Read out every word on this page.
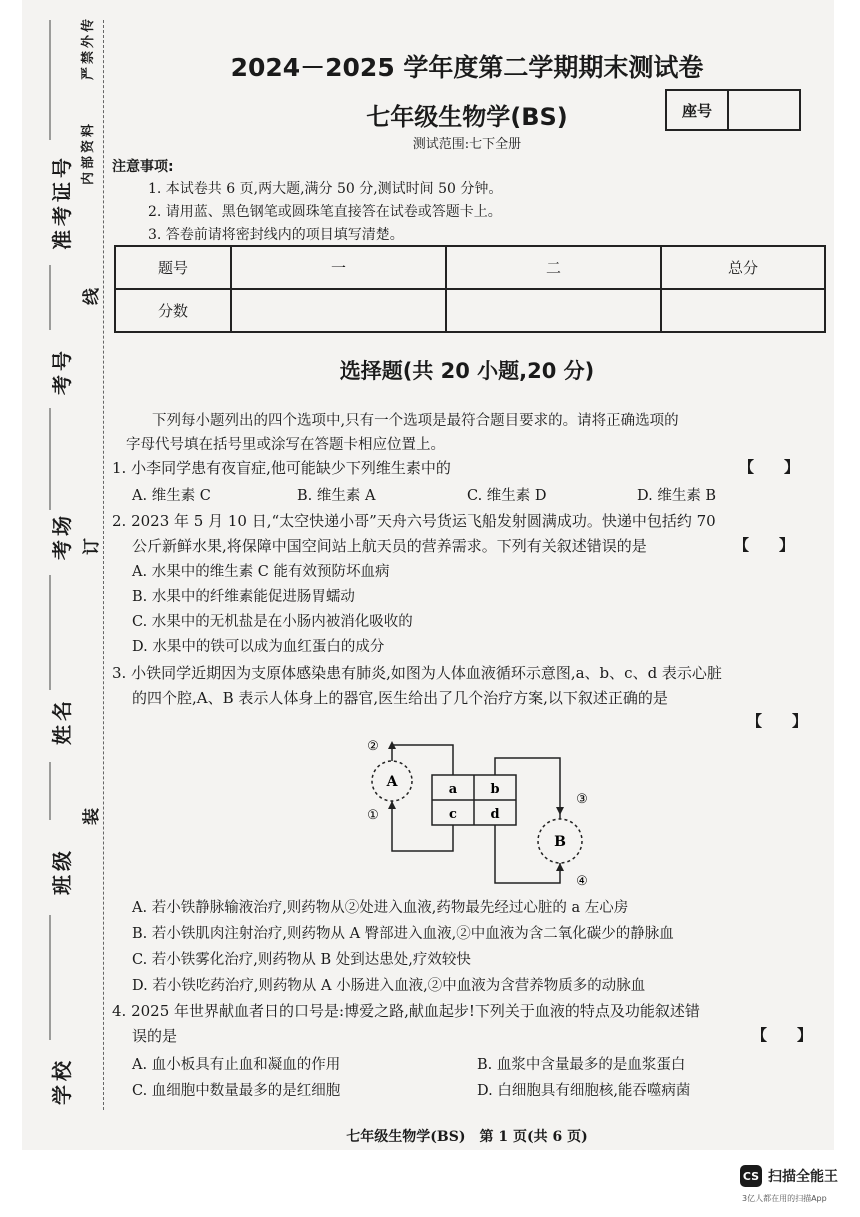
严禁外传
内部资料
准考证号
线
考号
考场 订
姓名
装
班级
学校
2024－2025 学年度第二学期期末测试卷
七年级生物学(BS)	座号
测试范围:七下全册
注意事项:
1. 本试卷共 6 页,两大题,满分 50 分,测试时间 50 分钟。
2. 请用蓝、黑色钢笔或圆珠笔直接答在试卷或答题卡上。
3. 答卷前请将密封线内的项目填写清楚。
题号	一	二	总分
分数			
选择题(共 20 小题,20 分)
下列每小题列出的四个选项中,只有一个选项是最符合题目要求的。请将正确选项的
字母代号填在括号里或涂写在答题卡相应位置上。
1. 小李同学患有夜盲症,他可能缺少下列维生素中的	【　　】
A. 维生素 C	B. 维生素 A	C. 维生素 D	D. 维生素 B
2. 2023 年 5 月 10 日,“太空快递小哥”天舟六号货运飞船发射圆满成功。快递中包括约 70
公斤新鲜水果,将保障中国空间站上航天员的营养需求。下列有关叙述错误的是	【　　】
A. 水果中的维生素 C 能有效预防坏血病
B. 水果中的纤维素能促进肠胃蠕动
C. 水果中的无机盐是在小肠内被消化吸收的
D. 水果中的铁可以成为血红蛋白的成分
3. 小铁同学近期因为支原体感染患有肺炎,如图为人体血液循环示意图,a、b、c、d 表示心脏
的四个腔,A、B 表示人体身上的器官,医生给出了几个治疗方案,以下叙述正确的是
【　　】
a	b
c	d
A
B
②
①
③
④
A. 若小铁静脉输液治疗,则药物从②处进入血液,药物最先经过心脏的 a 左心房
B. 若小铁肌肉注射治疗,则药物从 A 臀部进入血液,②中血液为含二氧化碳少的静脉血
C. 若小铁雾化治疗,则药物从 B 处到达患处,疗效较快
D. 若小铁吃药治疗,则药物从 A 小肠进入血液,②中血液为含营养物质多的动脉血
4. 2025 年世界献血者日的口号是:博爱之路,献血起步!下列关于血液的特点及功能叙述错
误的是	【　　】
A. 血小板具有止血和凝血的作用	B. 血浆中含量最多的是血浆蛋白
C. 血细胞中数量最多的是红细胞	D. 白细胞具有细胞核,能吞噬病菌
七年级生物学(BS)　第 1 页(共 6 页)
CS 扫描全能王
3亿人都在用的扫描App
